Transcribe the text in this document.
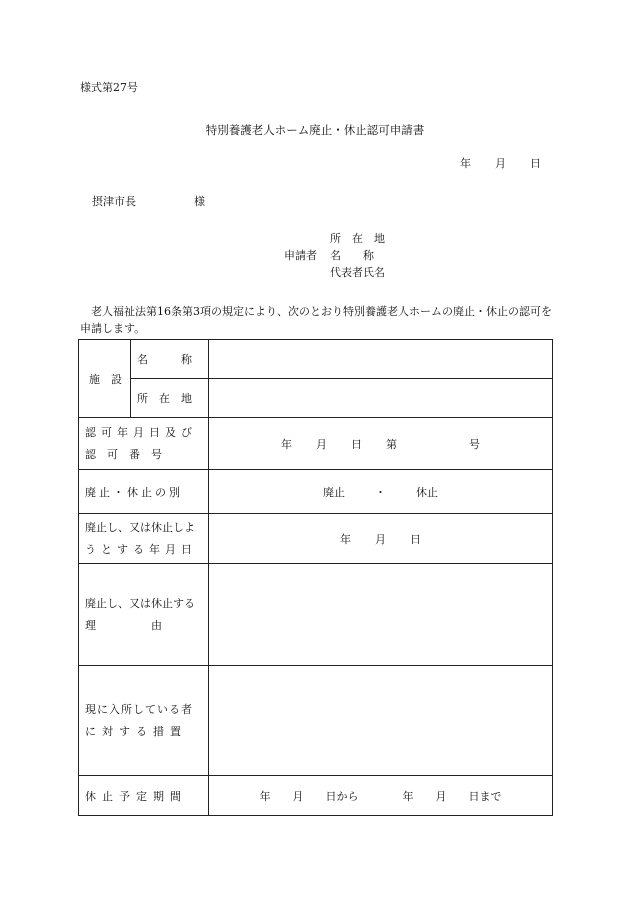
様式第27号
特別養護老人ホーム廃止・休止認可申請書
年 月 日
摂津市長	様
所　在　地
申請者	名　　称
代表者氏名
老人福祉法第16条第3項の規定により、次のとおり特別養護老人ホームの廃止・休止の認可を申請します。
施　設	名　　　称	
	所　在　地	

認可年月日及び
認　可　番　号		年 月 日 第 号

廃止・休止の別		廃止 ・ 休止

廃止し、又は休止しよ
うとする年月日		年 月 日

廃止し、又は休止する
理　　　　　由		

現に入所している者
に対する措置		

休止予定期間		年 月 日から 年 月 日まで
